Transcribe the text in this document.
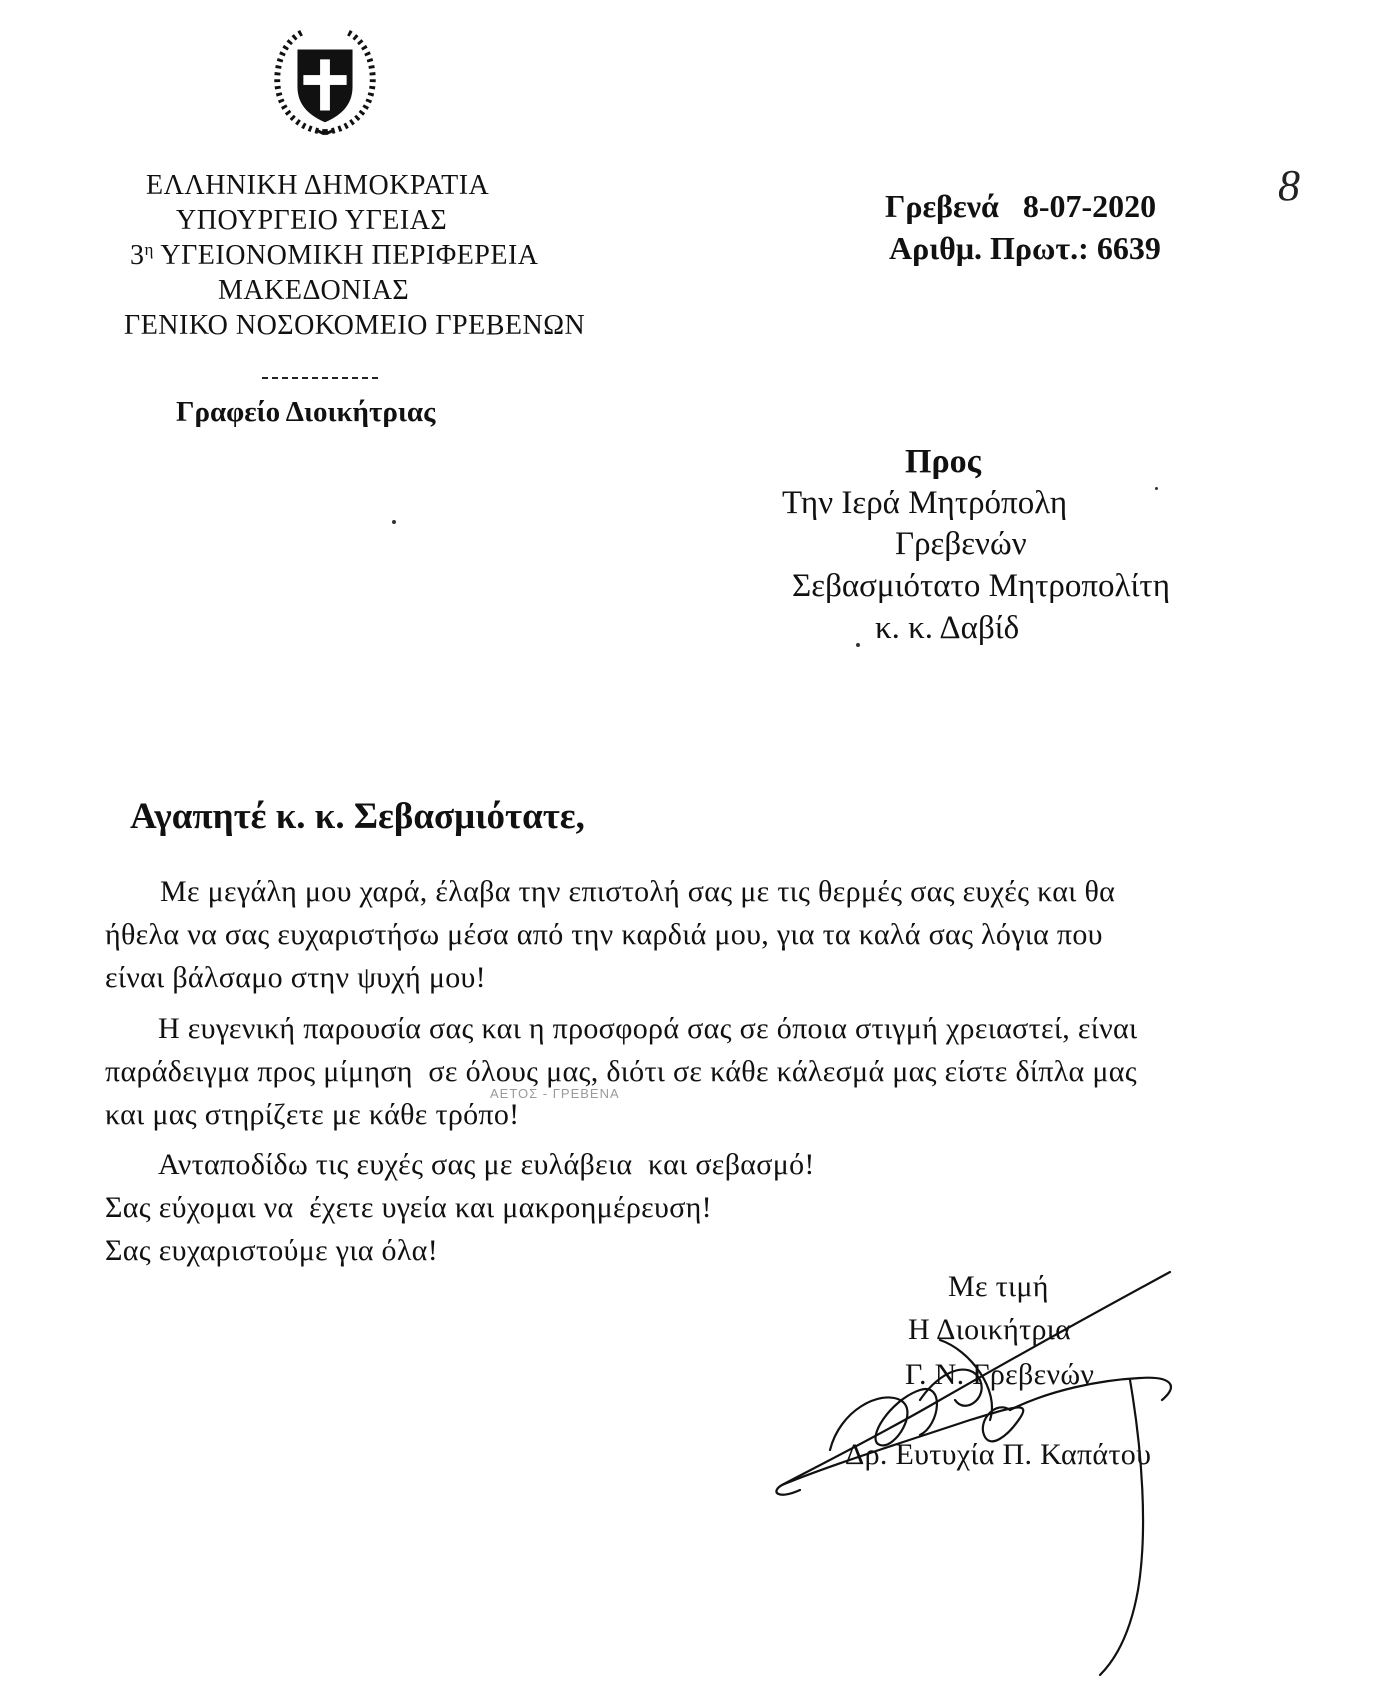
ΕΛΛΗΝΙΚΗ ΔΗΜΟΚΡΑΤΙΑ
ΥΠΟΥΡΓΕΙΟ ΥΓΕΙΑΣ
$3^\eta$ ΥΓΕΙΟΝΟΜΙΚΗ ΠΕΡΙΦΕΡΕΙΑ
ΜΑΚΕΔΟΝΙΑΣ
ΓΕΝΙΚΟ ΝΟΣΟΚΟΜΕΙΟ ΓΡΕΒΕΝΩΝ
Γραφείο Διοικήτριας
Γρεβενά   8-07-2020
Αριθμ. Πρωτ.: 6639
8
Προς
Την Ιερά Μητρόπολη
Γρεβενών
Σεβασμιότατο Μητροπολίτη
κ. κ. Δαβίδ
Αγαπητέ κ. κ. Σεβασμιότατε,
Με μεγάλη μου χαρά, έλαβα την επιστολή σας με τις θερμές σας ευχές και θα
ήθελα να σας ευχαριστήσω μέσα από την καρδιά μου, για τα καλά σας λόγια που
είναι βάλσαμο στην ψυχή μου!
Η ευγενική παρουσία σας και η προσφορά σας σε όποια στιγμή χρειαστεί, είναι
παράδειγμα προς μίμηση  σε όλους μας, διότι σε κάθε κάλεσμά μας είστε δίπλα μας
και μας στηρίζετε με κάθε τρόπο!
ΑΕΤΟΣ - ΓΡΕΒΕΝΑ
Ανταποδίδω τις ευχές σας με ευλάβεια  και σεβασμό!
Σας εύχομαι να  έχετε υγεία και μακροημέρευση!
Σας ευχαριστούμε για όλα!
Με τιμή
Η Διοικήτρια
Γ. Ν. Γρεβενών
Δρ. Ευτυχία Π. Καπάτου
